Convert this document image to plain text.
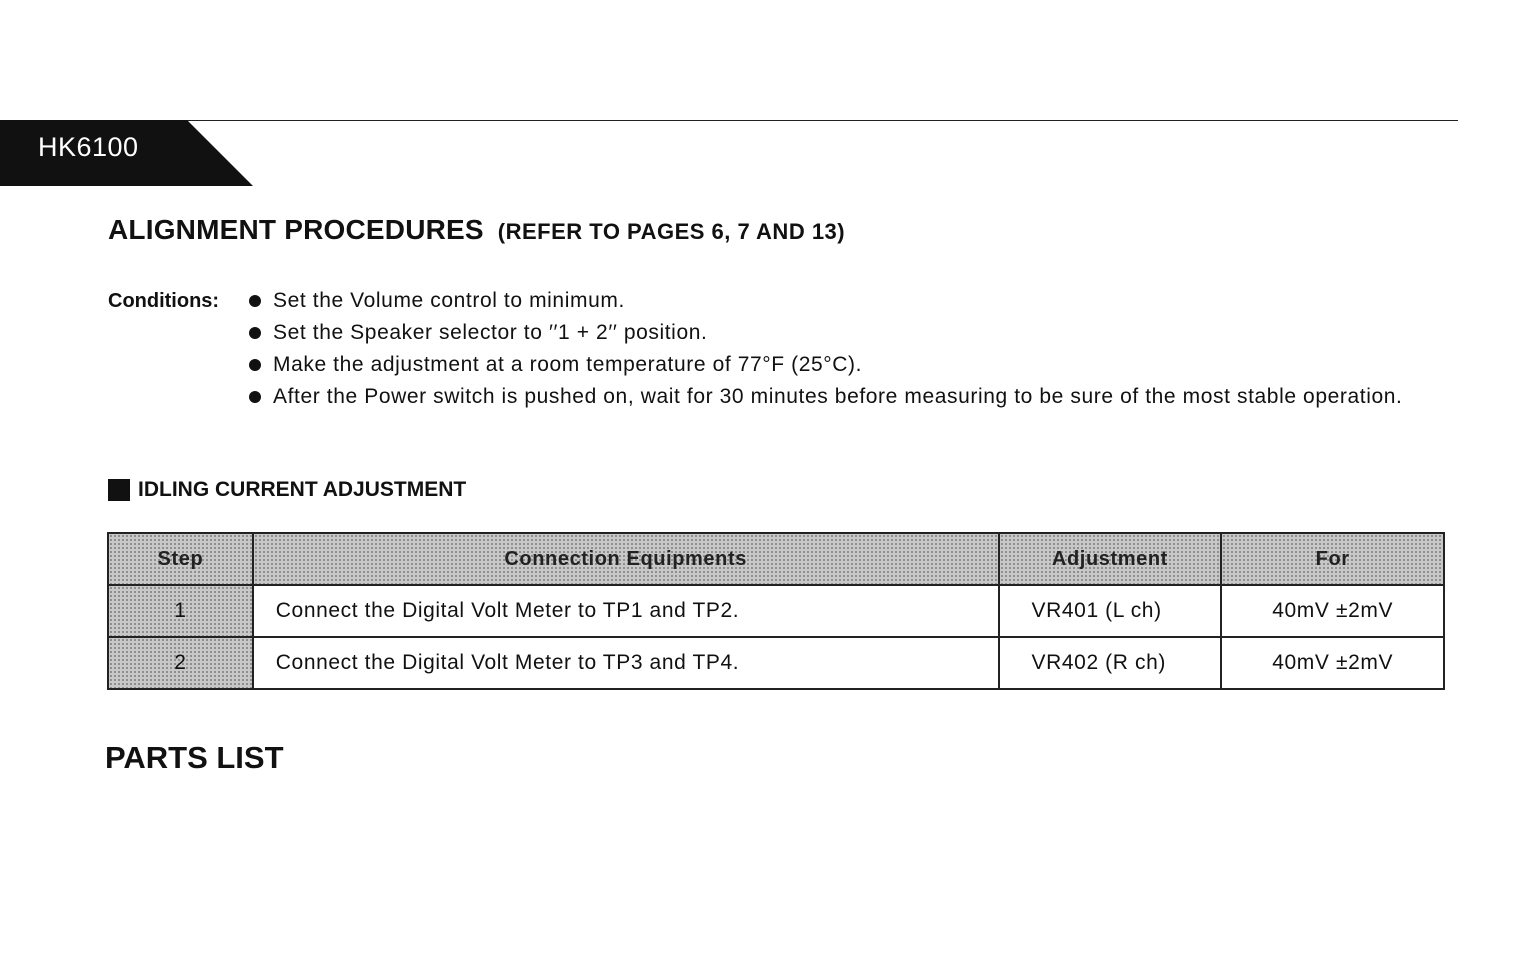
HK6100
ALIGNMENT PROCEDURES (REFER TO PAGES 6, 7 AND 13)
Conditions:	Set the Volume control to minimum.
Set the Speaker selector to ′′1 + 2′′ position.
Make the adjustment at a room temperature of 77°F (25°C).
After the Power switch is pushed on, wait for 30 minutes before measuring to be sure of the most stable operation.
IDLING CURRENT ADJUSTMENT
Step	Connection Equipments	Adjustment	For
1	Connect the Digital Volt Meter to TP1 and TP2.	VR401 (L ch)	40mV ±2mV
2	Connect the Digital Volt Meter to TP3 and TP4.	VR402 (R ch)	40mV ±2mV
PARTS LIST
